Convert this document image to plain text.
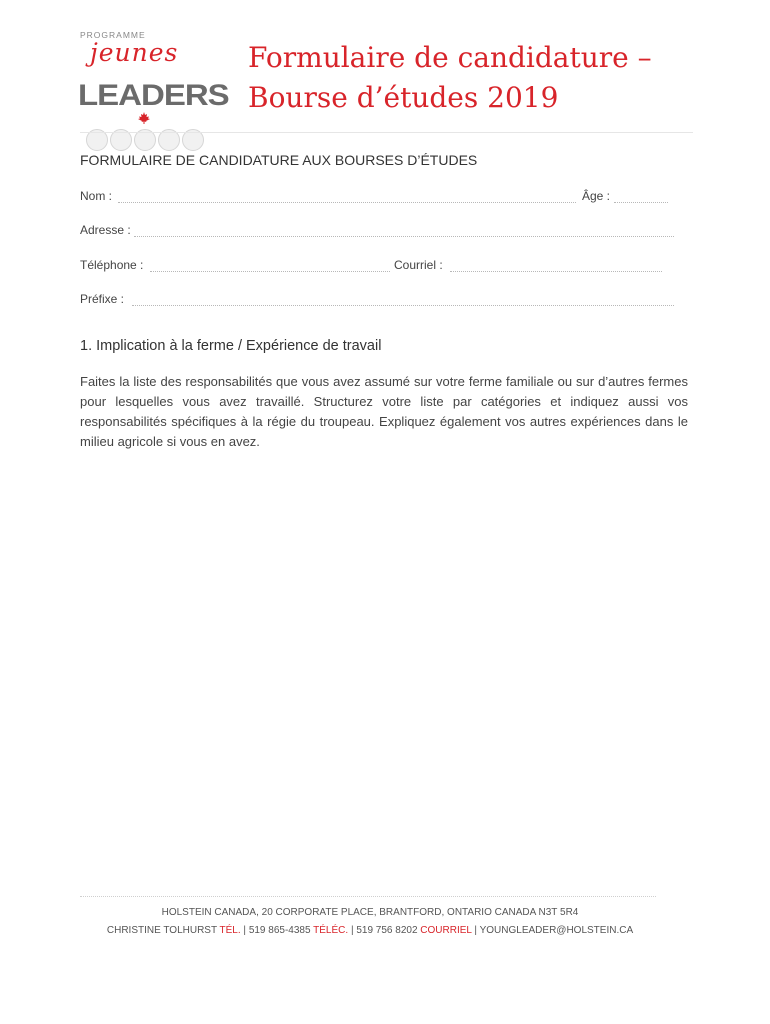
PROGRAMME
jeunes
LEADERS
Formulaire de candidature –
Bourse d’études 2019
FORMULAIRE DE CANDIDATURE AUX BOURSES D’ÉTUDES
Nom :	Âge :
Adresse :
Téléphone :	Courriel :
Préfixe :
1. Implication à la ferme / Expérience de travail

Faites la liste des responsabilités que vous avez assumé sur votre ferme familiale ou sur d’autres fermes pour lesquelles vous avez travaillé. Structurez votre liste par catégories et indiquez aussi vos responsabilités spécifiques à la régie du troupeau. Expliquez également vos autres expériences dans le milieu agricole si vous en avez.

HOLSTEIN CANADA, 20 CORPORATE PLACE, BRANTFORD, ONTARIO CANADA N3T 5R4
CHRISTINE TOLHURST TÉL. | 519 865-4385 TÉLÉC. | 519 756 8202 COURRIEL | YOUNGLEADER@HOLSTEIN.CA
